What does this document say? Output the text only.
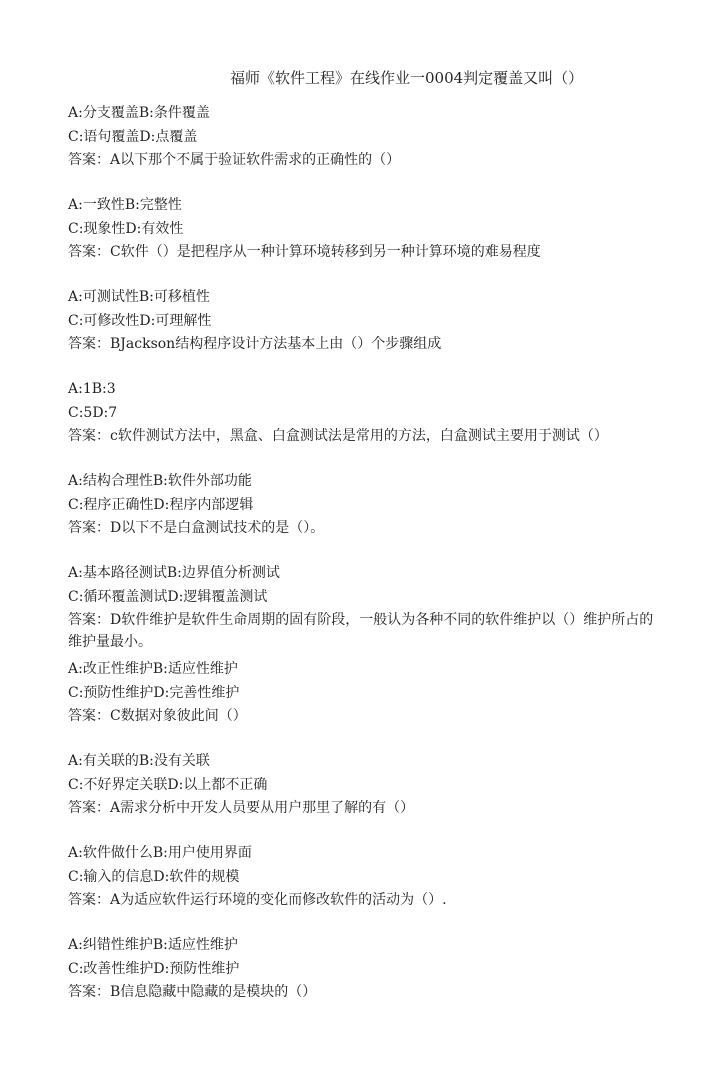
福师《软件工程》在线作业一0004判定覆盖又叫（）
A:分支覆盖B:条件覆盖
C:语句覆盖D:点覆盖
答案：A以下那个不属于验证软件需求的正确性的（）
A:一致性B:完整性
C:现象性D:有效性
答案：C软件（）是把程序从一种计算环境转移到另一种计算环境的难易程度
A:可测试性B:可移植性
C:可修改性D:可理解性
答案：BJackson结构程序设计方法基本上由（）个步骤组成
A:1B:3
C:5D:7
答案：c软件测试方法中，黑盒、白盒测试法是常用的方法，白盒测试主要用于测试（）
A:结构合理性B:软件外部功能
C:程序正确性D:程序内部逻辑
答案：D以下不是白盒测试技术的是（）。
A:基本路径测试B:边界值分析测试
C:循环覆盖测试D:逻辑覆盖测试
答案：D软件维护是软件生命周期的固有阶段，一般认为各种不同的软件维护以（）维护所占的维护量最小。
A:改正性维护B:适应性维护
C:预防性维护D:完善性维护
答案：C数据对象彼此间（）
A:有关联的B:没有关联
C:不好界定关联D:以上都不正确
答案：A需求分析中开发人员要从用户那里了解的有（）
A:软件做什么B:用户使用界面
C:输入的信息D:软件的规模
答案：A为适应软件运行环境的变化而修改软件的活动为（）.
A:纠错性维护B:适应性维护
C:改善性维护D:预防性维护
答案：B信息隐藏中隐藏的是模块的（）
